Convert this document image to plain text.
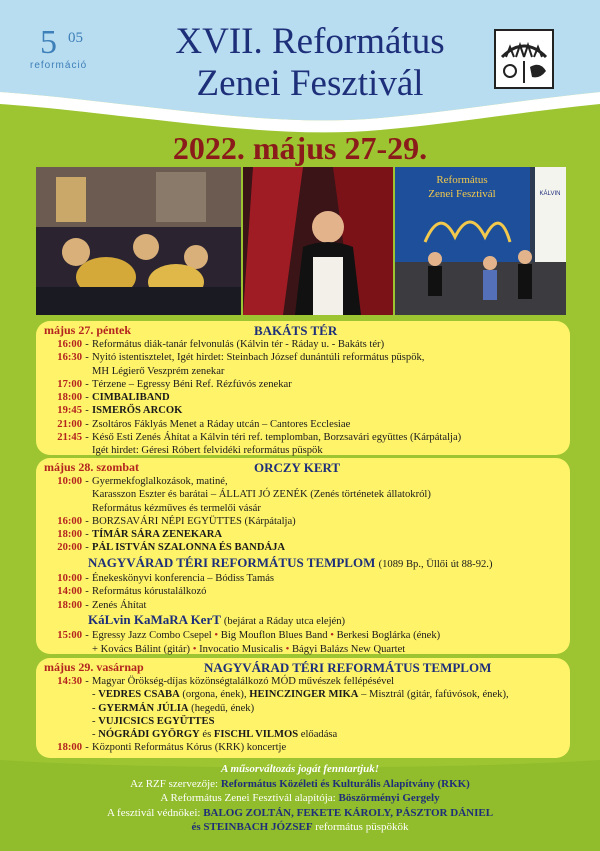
5 05
reformáció
XVII. Református
Zenei Fesztivál
2022. május 27-29.
Református
Zenei Fesztivál	KÁLVIN
május 27. péntek	BAKÁTS TÉR
16:00 - Református diák-tanár felvonulás (Kálvin tér - Ráday u. - Bakáts tér)
16:30 - Nyitó istentisztelet, Igét hirdet: Steinbach József dunántúli református püspök,
MH Légierő Veszprém zenekar
17:00 - Térzene – Egressy Béni Ref. Rézfúvós zenekar
18:00 - CIMBALIBAND
19:45 - ISMERŐS ARCOK
21:00 - Zsoltáros Fáklyás Menet a Ráday utcán – Cantores Ecclesiae
21:45 - Késő Esti Zenés Áhítat a Kálvin téri ref. templomban, Borzsavári együttes (Kárpátalja)
Igét hirdet: Géresi Róbert felvidéki református püspök
május 28. szombat	ORCZY KERT
10:00 - Gyermekfoglalkozások, matiné,
Karasszon Eszter és barátai – ÁLLATI JÓ ZENÉK (Zenés történetek állatokról)
Református kézműves és termelői vásár
16:00 - BORZSAVÁRI NÉPI EGYÜTTES (Kárpátalja)
18:00 - TÍMÁR SÁRA ZENEKARA
20:00 - PÁL ISTVÁN SZALONNA ÉS BANDÁJA
NAGYVÁRAD TÉRI REFORMÁTUS TEMPLOM (1089 Bp., Üllői út 88-92.)
10:00 - Énekeskönyvi konferencia – Bódiss Tamás
14:00 - Református kórustalálkozó
18:00 - Zenés Áhítat
KáLvin KaMaRA KerT (bejárat a Ráday utca elején)
15:00 - Egressy Jazz Combo Csepel • Big Mouflon Blues Band • Berkesi Boglárka (ének)
+ Kovács Bálint (gitár) • Invocatio Musicalis • Bágyi Balázs New Quartet
május 29. vasárnap	NAGYVÁRAD TÉRI REFORMÁTUS TEMPLOM
14:30 - Magyar Örökség-díjas közönségtalálkozó MÓD művészek fellépésével
- VEDRES CSABA (orgona, ének), HEINCZINGER MIKA – Misztrál (gitár, fafúvósok, ének),
- GYERMÁN JÚLIA (hegedű, ének)
- VUJICSICS EGYÜTTES
- NÓGRÁDI GYÖRGY és FISCHL VILMOS előadása
18:00 - Központi Református Kórus (KRK) koncertje
A műsorváltozás jogát fenntartjuk!
Az RZF szervezője: Református Közéleti és Kulturális Alapítvány (RKK)
A Református Zenei Fesztivál alapítója: Böszörményi Gergely
A fesztivál védnökei: BALOG ZOLTÁN, FEKETE KÁROLY, PÁSZTOR DÁNIEL
és STEINBACH JÓZSEF református püspökök
